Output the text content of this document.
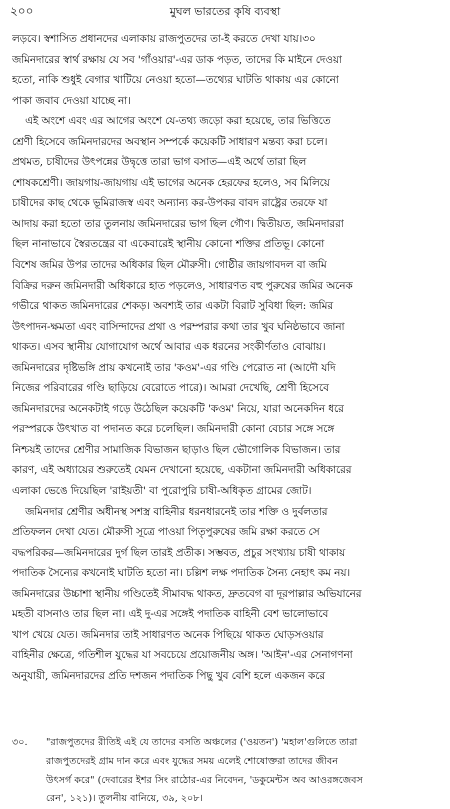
২০০	মুঘল ভারতের কৃষি ব্যবস্থা
লড়বে। স্বশাসিত প্রধানদের এলাকায় রাজপুতদের তা-ই করতে দেখা যায়।৩০
জমিনদারের স্বার্থ রক্ষায় যে সব 'গাঁওয়ার'-এর ডাক পড়ত, তাদের কি মাইনে দেওয়া
হতো, নাকি শুধুই বেগার খাটিয়ে নেওয়া হতো—তথ্যের ঘাটতি থাকায় এর কোনো
পাকা জবাব দেওয়া যাচ্ছে না।
এই অংশে এবং এর আগের অংশে যে-তথ্য জড়ো করা হয়েছে, তার ভিত্তিতে
শ্রেণী হিসেবে জমিনদারদের অবস্থান সম্পর্কে কয়েকটি সাধারণ মন্তব্য করা চলে।
প্রথমত, চাষীদের উৎপন্নের উদ্বৃত্তে তারা ভাগ বসাত—এই অর্থে তারা ছিল
শোষকশ্রেণী। জায়গায়-জায়গায় এই ভাগের অনেক হেরফের হলেও, সব মিলিয়ে
চাষীদের কাছ থেকে ভূমিরাজস্ব এবং অন্যান্য কর-উপকর বাবদ রাষ্ট্রের তরফে যা
আদায় করা হতো তার তুলনায় জমিনদারের ভাগ ছিল গৌণ। দ্বিতীয়ত, জমিনদাররা
ছিল নানাভাবে স্বৈরতন্ত্রের বা একেবারেই স্থানীয় কোনো শক্তির প্রতিভূ। কোনো
বিশেষ জমির উপর তাদের অধিকার ছিল মৌরুসী। গোষ্ঠীর জায়গাবদল বা জমি
বিক্রির দরুন জমিনদারী অধিকারে হাত পড়লেও, সাধারণত বহু পুরুষের জমির অনেক
গভীরে থাকত জমিনদারের শেকড়। অবশ্যই তার একটা বিরাট সুবিধা ছিল: জমির
উৎপাদন-ক্ষমতা এবং বাসিন্দাদের প্রথা ও পরম্পরার কথা তার খুব ঘনিষ্ঠভাবে জানা
থাকত। এসব স্থানীয় যোগাযোগ অর্থে আবার এক ধরনের সংকীর্ণতাও বোঝায়।
জমিনদারের দৃষ্টিভঙ্গি প্রায় কখনোই তার 'কওম'-এর গণ্ডি পেরোত না (আদৌ যদি
নিজের পরিবারের গণ্ডি ছাড়িয়ে বেরোতে পারে)। আমরা দেখেছি, শ্রেণী হিসেবে
জমিনদারদের অনেকটাই গড়ে উঠেছিল কয়েকটি 'কওম' নিয়ে, যারা অনেকদিন ধরে
পরস্পরকে উৎখাত বা পদানত করে চলেছিল। জমিনদারী কোনা বেচার সঙ্গে সঙ্গে
নিশ্চয়ই তাদের শ্রেণীর সামাজিক বিভাজন ছাড়াও ছিল ভৌগোলিক বিভাজন। তার
কারণ, এই অধ্যায়ের শুরুতেই যেমন দেখানো হয়েছে, একটানা জমিনদারী অধিকারের
এলাকা ভেঙে দিয়েছিল 'রাইয়তী' বা পুরোপুরি চাষী-অধিকৃত গ্রামের জোট।
জমিনদার শ্রেণীর অধীনস্থ সশস্ত্র বাহিনীর ধরনধারনেই তার শক্তি ও দুর্বলতার
প্রতিফলন দেখা যেত। মৌরুসী সূত্রে পাওয়া পিতৃপুরুষের জমি রক্ষা করতে সে
বদ্ধপরিকর—জমিনদারের দুর্গ ছিল তারই প্রতীক। সম্ভবত, প্রচুর সংখ্যায় চাষী থাকায়
পদাতিক সৈন্যের কখনোই ঘাটতি হতো না। চল্লিশ লক্ষ পদাতিক সৈন্য নেহাৎ কম নয়।
জমিনদারের উচ্চাশা স্থানীয় গণ্ডিতেই সীমাবদ্ধ থাকত, দ্রুতবেগ বা দূরপাল্লার অভিযানের
মহতী বাসনাও তার ছিল না। এই দু-এর সঙ্গেই পদাতিক বাহিনী বেশ ভালোভাবে
খাপ খেয়ে যেত। জমিনদার তাই সাধারণত অনেক পিছিয়ে থাকত ঘোড়সওয়ার
বাহিনীর ক্ষেত্রে, গতিশীল যুদ্ধের যা সবচেয়ে প্রয়োজনীয় অঙ্গ। 'আইন'-এর সেনাগণনা
অনুযায়ী, জমিনদারদের প্রতি দশজন পদাতিক পিছু খুব বেশি হলে একজন করে
৩০. "রাজপুতদের রীতিই এই যে তাদের বসতি অঞ্চলের ('ওয়তন') 'মহাল'গুলিতে তারা
রাজপুতদেরই গ্রাম দান করে এবং যুদ্ধের সময় এলেই শোষোক্তরা তাদের জীবন
উৎসর্গ করে" (দেবারের ইশর সিং রাঠোর-এর নিবেদন, 'ডকুমেন্টস অব আওরঙ্গজেবস
রেন', ১২১)। তুলনীয় বানিয়ে, ৩৯, ২০৮।
